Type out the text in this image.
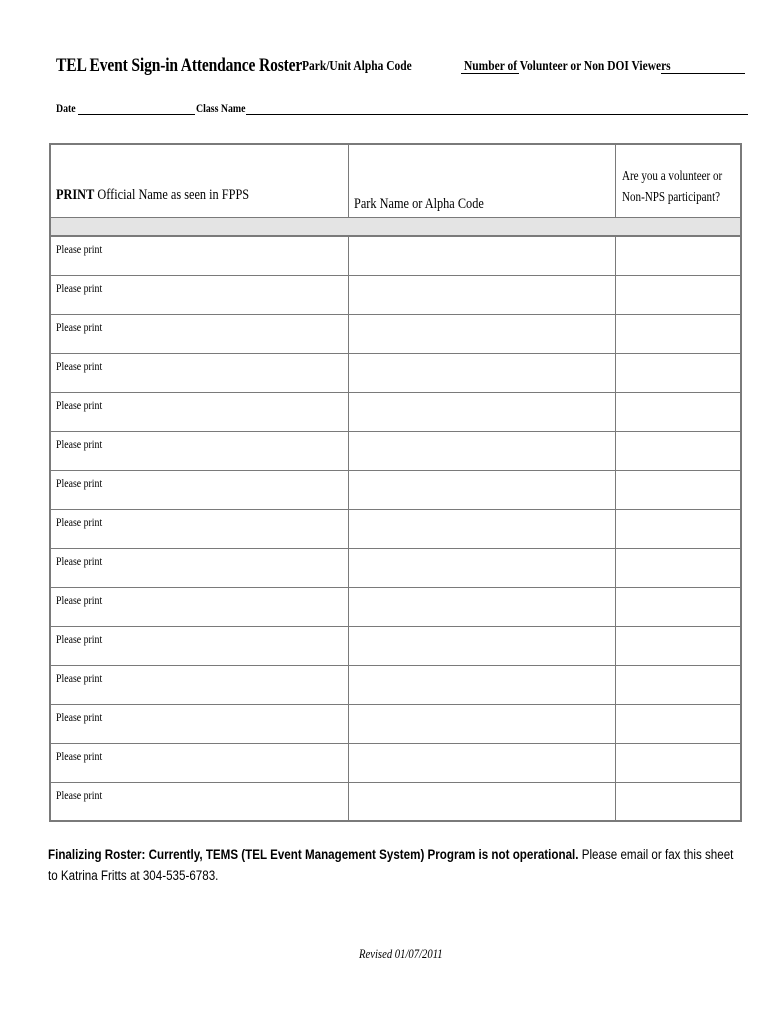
TEL Event Sign-in Attendance Roster Park/Unit Alpha Code	Number of Volunteer or Non DOI Viewers
Date	Class Name
PRINT Official Name as seen in FPPS
Park Name or Alpha Code
Are you a volunteer or
Non-NPS participant?
Please print
Please print
Please print
Please print
Please print
Please print
Please print
Please print
Please print
Please print
Please print
Please print
Please print
Please print
Please print
Finalizing Roster: Currently, TEMS (TEL Event Management System) Program is not operational. Please email or fax this sheet to Katrina Fritts at 304-535-6783.
Revised 01/07/2011
